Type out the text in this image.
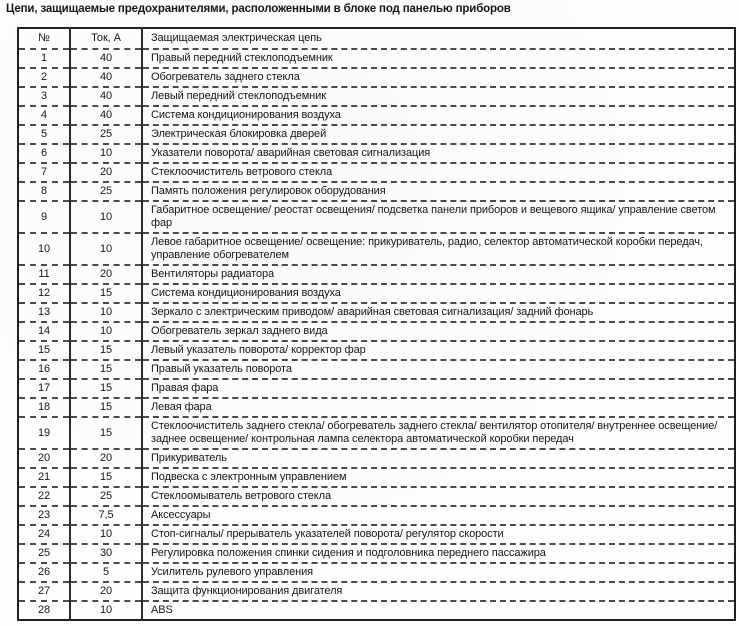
Цепи, защищаемые предохранителями, расположенными в блоке под панелью приборов
№	Ток, А	Защищаемая электрическая цепь
1	40	Правый передний стеклоподъемник
2	40	Обогреватель заднего стекла
3	40	Левый передний стеклоподъемник
4	40	Система кондиционирования воздуха
5	25	Электрическая блокировка дверей
6	10	Указатели поворота/ аварийная световая сигнализация
7	20	Стеклоочиститель ветрового стекла
8	25	Память положения регулировок оборудования
9	10	Габаритное освещение/ реостат освещения/ подсветка панели приборов и вещевого ящика/ управление светом фар
10	10	Левое габаритное освещение/ освещение: прикуриватель, радио, селектор автоматической коробки передач, управление обогревателем
11	20	Вентиляторы радиатора
12	15	Система кондиционирования воздуха
13	10	Зеркало с электрическим приводом/ аварийная световая сигнализация/ задний фонарь
14	10	Обогреватель зеркал заднего вида
15	15	Левый указатель поворота/ корректор фар
16	15	Правый указатель поворота
17	15	Правая фара
18	15	Левая фара
19	15	Стеклоочиститель заднего стекла/ обогреватель заднего стекла/ вентилятор отопителя/ внутреннее освещение/ заднее освещение/ контрольная лампа селектора автоматической коробки передач
20	20	Прикуриватель
21	15	Подвеска с электронным управлением
22	25	Стеклоомыватель ветрового стекла
23	7,5	Аксессуары
24	10	Стоп-сигналы/ прерыватель указателей поворота/ регулятор скорости
25	30	Регулировка положения спинки сидения и подголовника переднего пассажира
26	5	Усилитель рулевого управления
27	20	Защита функционирования двигателя
28	10	ABS
